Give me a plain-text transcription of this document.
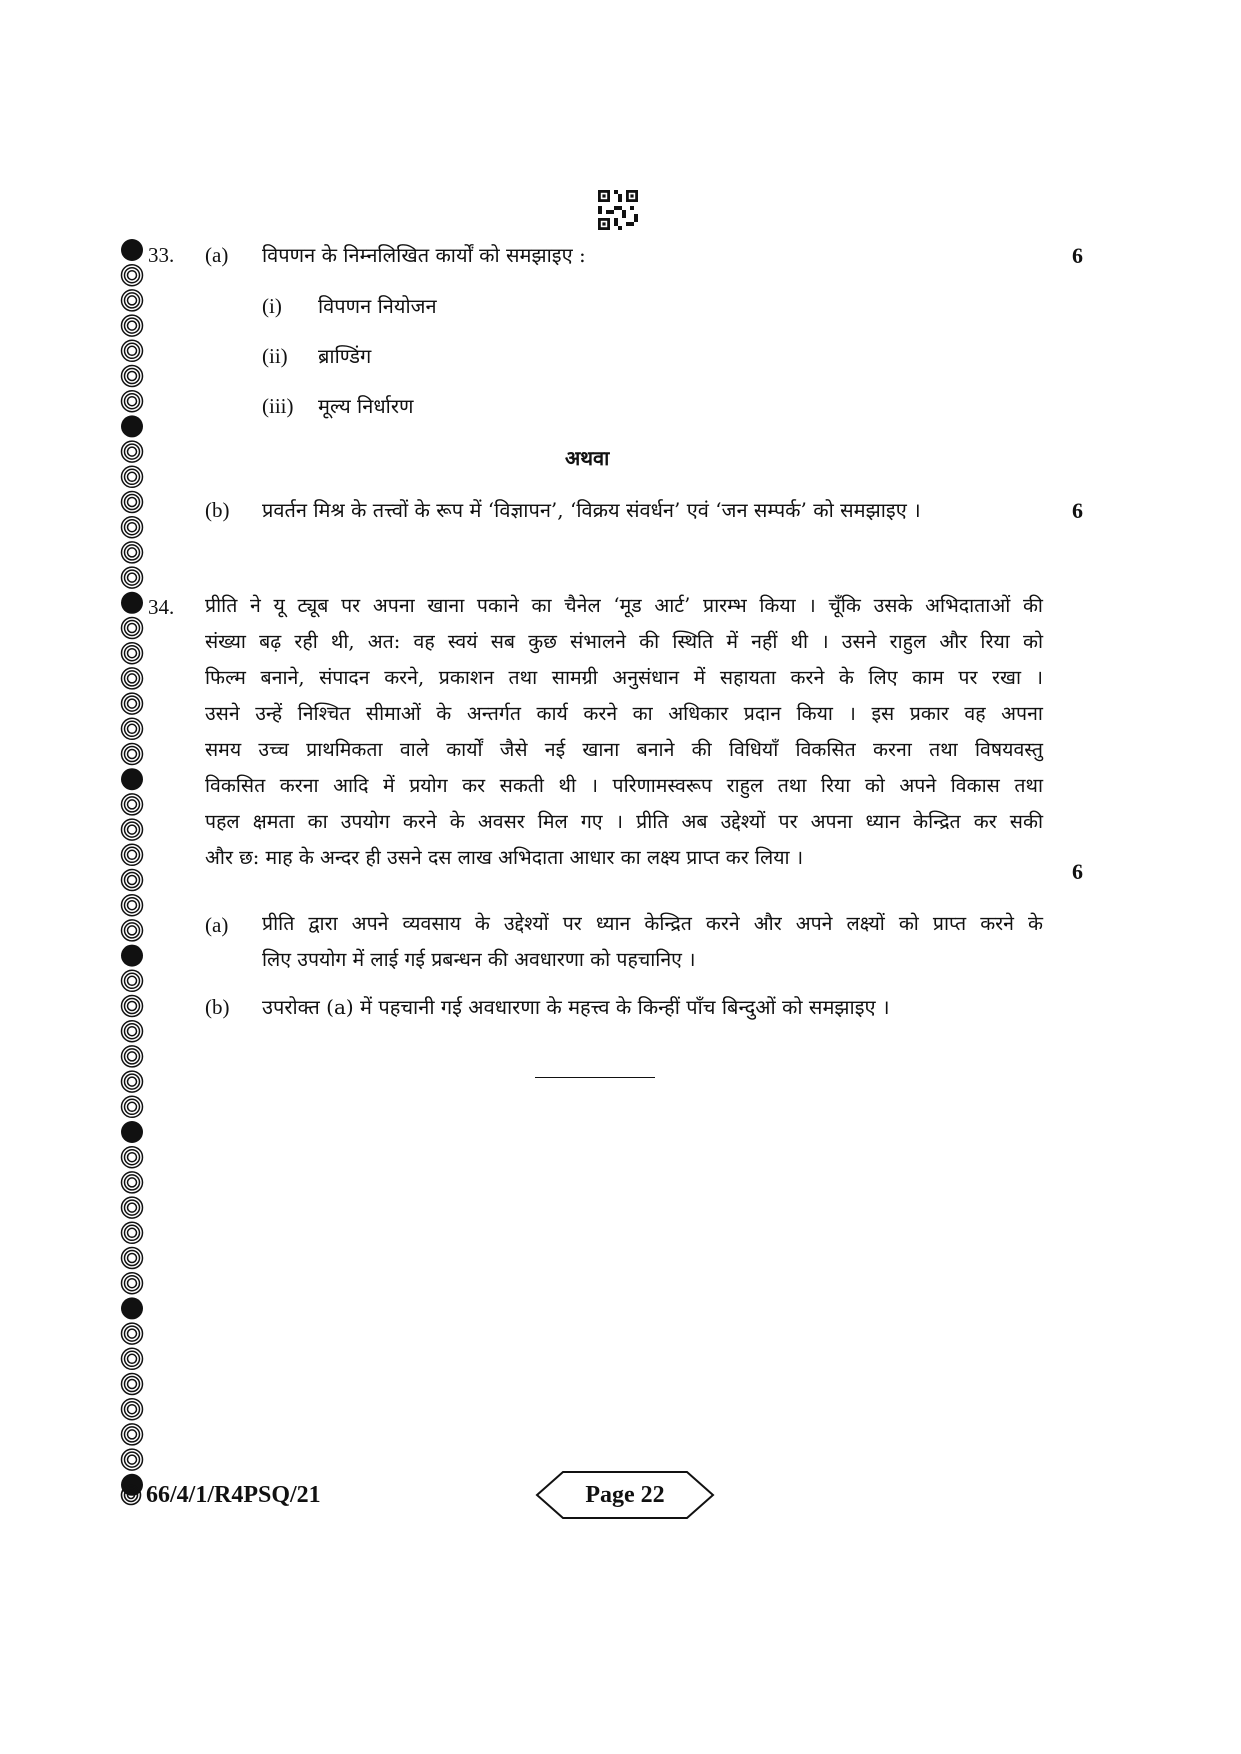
33. (a) विपणन के निम्नलिखित कार्यों को समझाइए :	6
(i) विपणन नियोजन
(ii) ब्राण्डिंग
(iii) मूल्य निर्धारण
अथवा
(b) प्रवर्तन मिश्र के तत्त्वों के रूप में ‘विज्ञापन’, ‘विक्रय संवर्धन’ एवं ‘जन सम्पर्क’ को समझाइए ।	6
34. प्रीति ने यू ट्यूब पर अपना खाना पकाने का चैनेल ‘मूड आर्ट’ प्रारम्भ किया । चूँकि उसके अभिदाताओं की
संख्या बढ़ रही थी, अत: वह स्वयं सब कुछ संभालने की स्थिति में नहीं थी । उसने राहुल और रिया को
फिल्म बनाने, संपादन करने, प्रकाशन तथा सामग्री अनुसंधान में सहायता करने के लिए काम पर रखा ।
उसने उन्हें निश्चित सीमाओं के अन्तर्गत कार्य करने का अधिकार प्रदान किया । इस प्रकार वह अपना
समय उच्च प्राथमिकता वाले कार्यों जैसे नई खाना बनाने की विधियाँ विकसित करना तथा विषयवस्तु
विकसित करना आदि में प्रयोग कर सकती थी । परिणामस्वरूप राहुल तथा रिया को अपने विकास तथा
पहल क्षमता का उपयोग करने के अवसर मिल गए । प्रीति अब उद्देश्यों पर अपना ध्यान केन्द्रित कर सकी
और छ: माह के अन्दर ही उसने दस लाख अभिदाता आधार का लक्ष्य प्राप्त कर लिया ।
6
(a) प्रीति द्वारा अपने व्यवसाय के उद्देश्यों पर ध्यान केन्द्रित करने और अपने लक्ष्यों को प्राप्त करने के
लिए उपयोग में लाई गई प्रबन्धन की अवधारणा को पहचानिए ।
(b) उपरोक्त (a) में पहचानी गई अवधारणा के महत्त्व के किन्हीं पाँच बिन्दुओं को समझाइए ।
66/4/1/R4PSQ/21	Page 22
